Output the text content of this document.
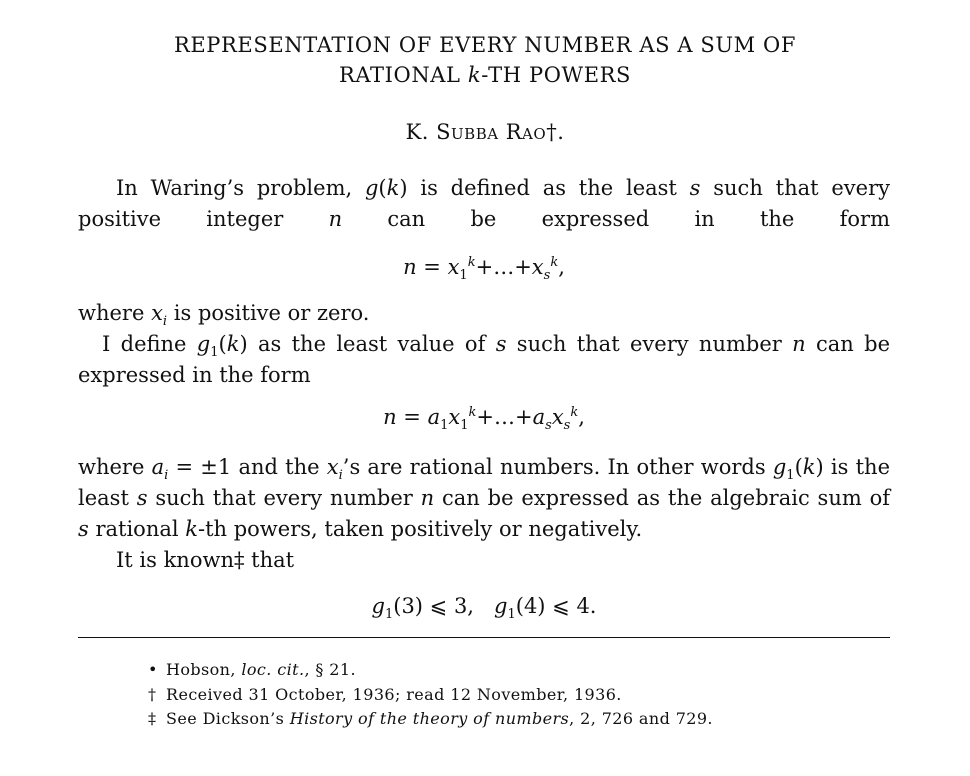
REPRESENTATION OF EVERY NUMBER AS A SUM OF
RATIONAL k-TH POWERS
K. Subba Rao†.
In Waring’s problem, g(k) is defined as the least s such that every positive integer n can be expressed in the form
$n = x_1^k+\dots+x_s^k$,
where $x_i$ is positive or zero.
I define $g_1(k)$ as the least value of s such that every number n can be expressed in the form
$n = a_1x_1^k+\dots+a_sx_s^k$,
where $a_i = \pm 1$ and the $x_i’s$ are rational numbers. In other words $g_1(k)$ is the least s such that every number n can be expressed as the algebraic sum of s rational k-th powers, taken positively or negatively.
It is known‡ that
$g_1(3)$ ⩽ 3, $g_1(4)$ ⩽ 4.
• Hobson, loc. cit., § 21.
† Received 31 October, 1936; read 12 November, 1936.
‡ See Dickson’s History of the theory of numbers, 2, 726 and 729.
